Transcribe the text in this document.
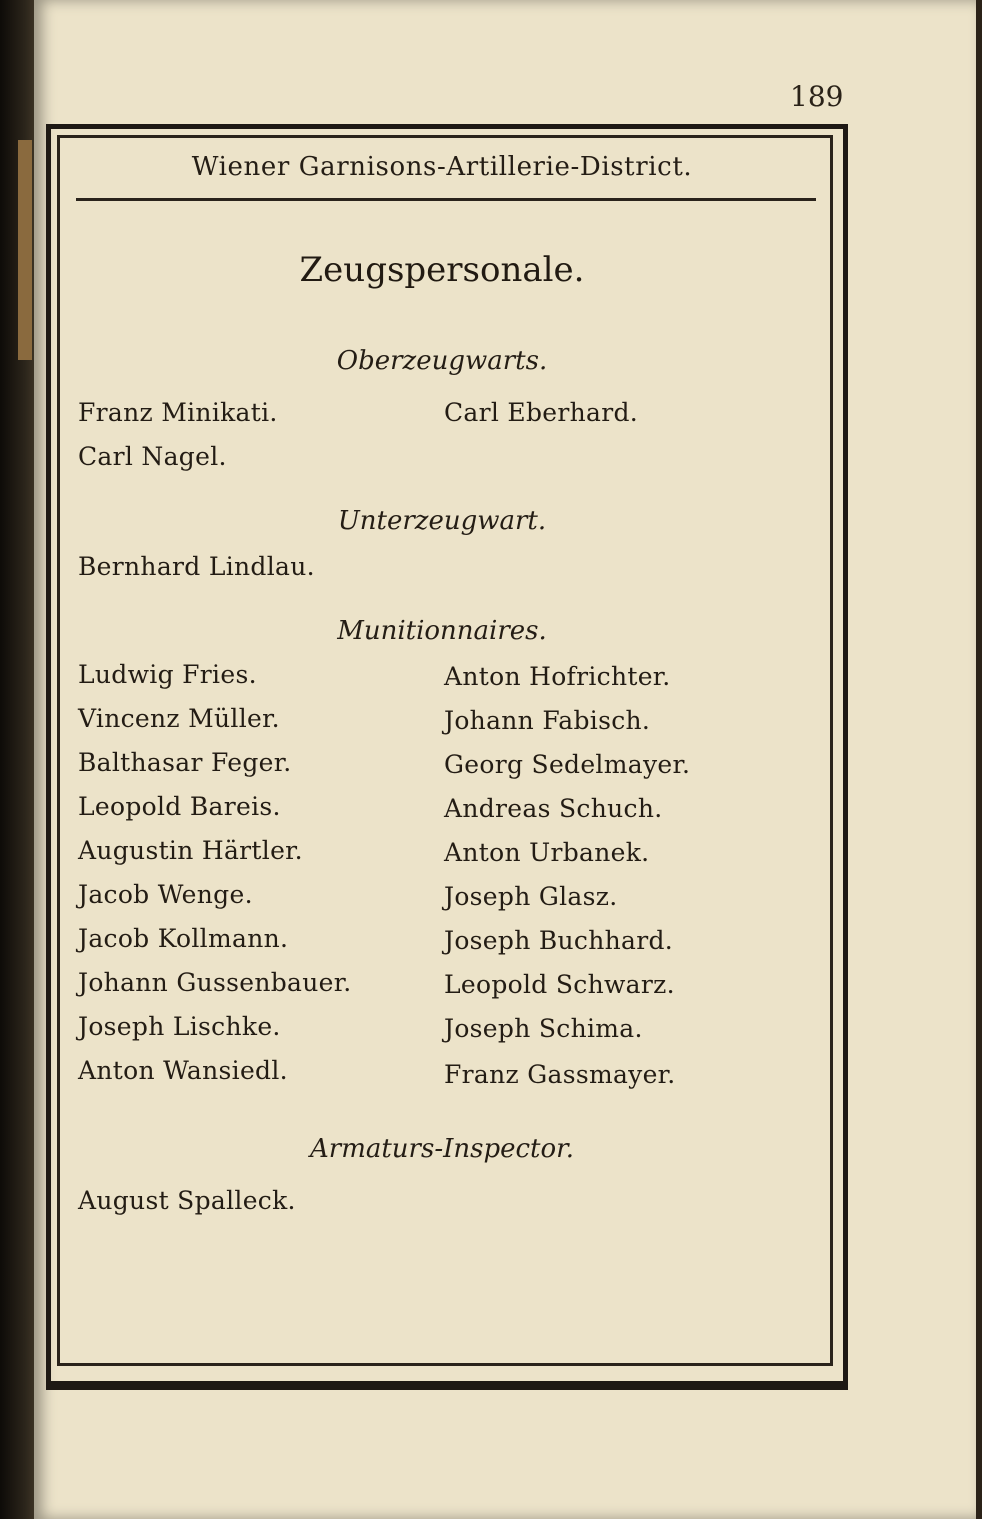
189
Wiener Garnisons-Artillerie-District.
Zeugspersonale.
Oberzeugwarts.
Franz Minikati.	Carl Eberhard.
Carl Nagel.
Unterzeugwart.
Bernhard Lindlau.
Munitionnaires.
Ludwig Fries.	Anton Hofrichter.
Vincenz Müller.	Johann Fabisch.
Balthasar Feger.	Georg Sedelmayer.
Leopold Bareis.	Andreas Schuch.
Augustin Härtler.	Anton Urbanek.
Jacob Wenge.	Joseph Glasz.
Jacob Kollmann.	Joseph Buchhard.
Johann Gussenbauer.	Leopold Schwarz.
Joseph Lischke.	Joseph Schima.
Anton Wansiedl.	Franz Gassmayer.
Armaturs-Inspector.
August Spalleck.
